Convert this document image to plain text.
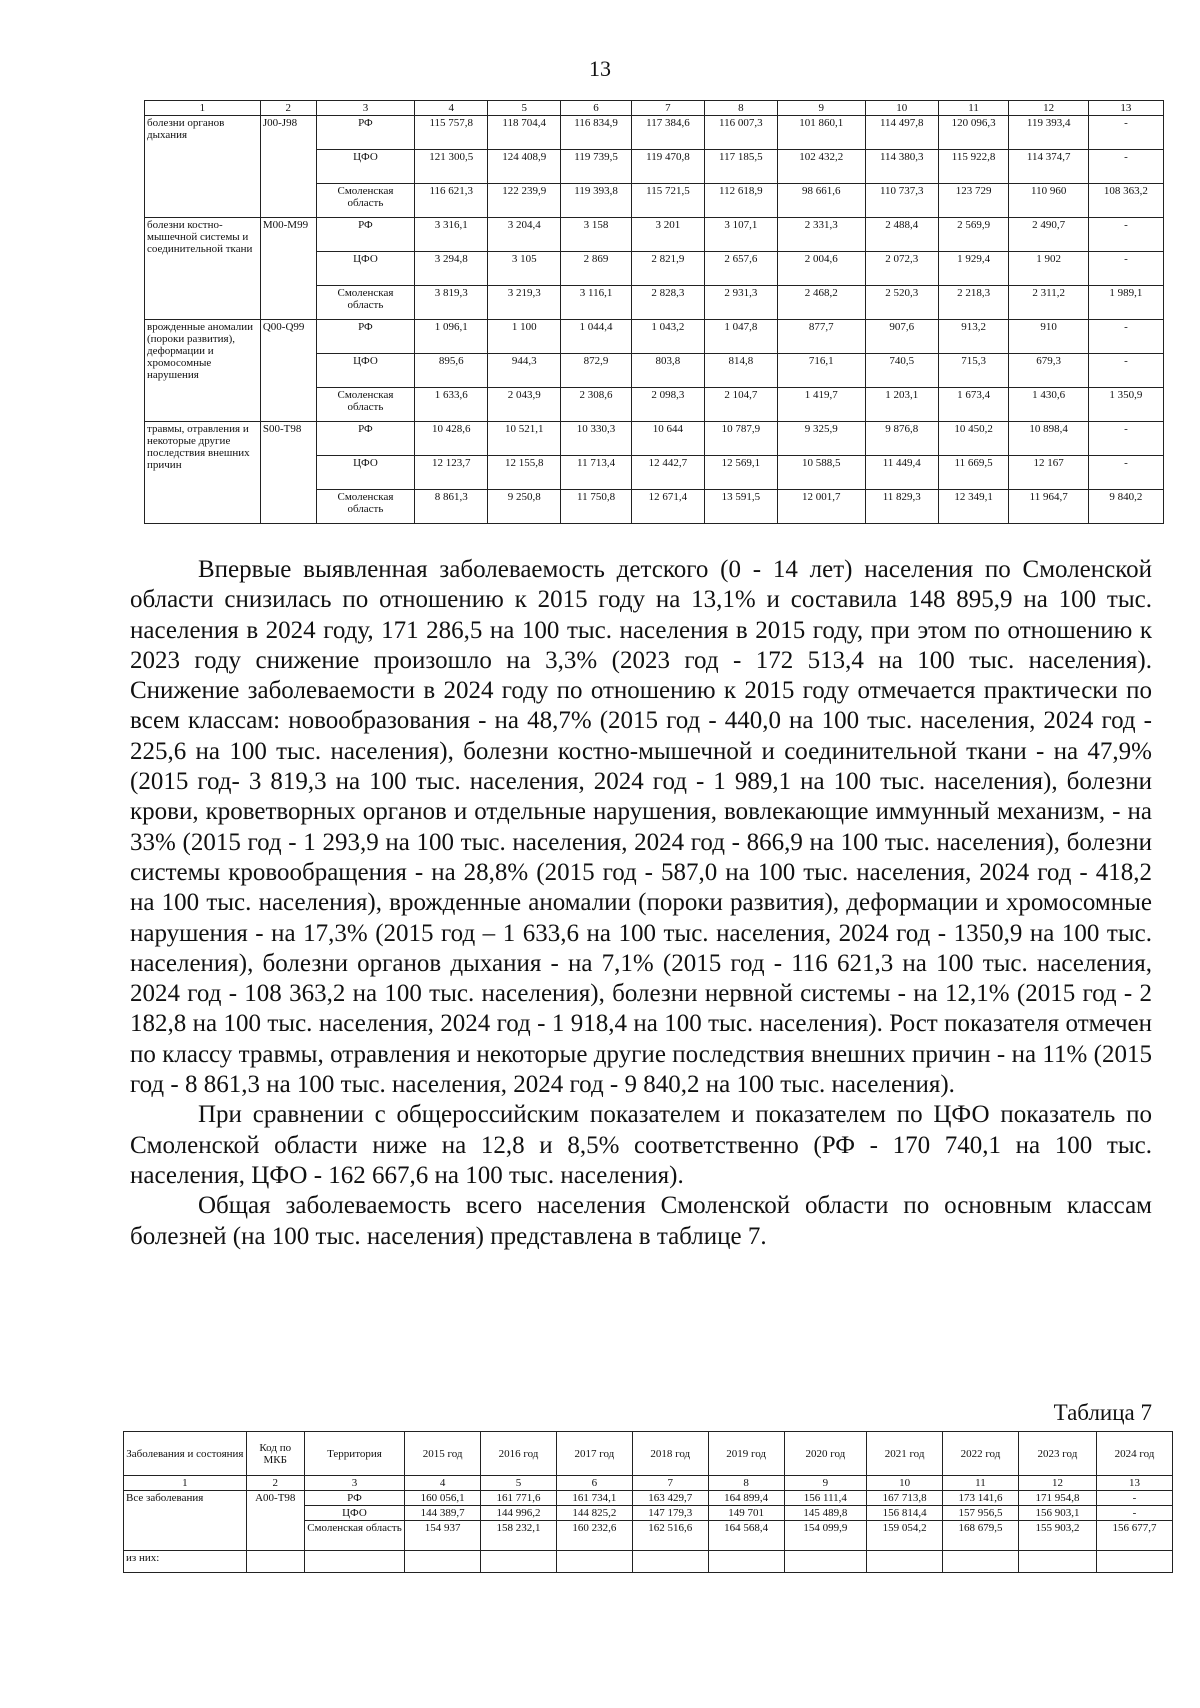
13
1	2	3	4	5	6	7	8	9	10	11	12	13
болезни органов дыхания	J00-J98	РФ	115 757,8	118 704,4	116 834,9	117 384,6	116 007,3	101 860,1	114 497,8	120 096,3	119 393,4	-
		ЦФО	121 300,5	124 408,9	119 739,5	119 470,8	117 185,5	102 432,2	114 380,3	115 922,8	114 374,7	-
		Смоленская область	116 621,3	122 239,9	119 393,8	115 721,5	112 618,9	98 661,6	110 737,3	123 729	110 960	108 363,2
болезни костно-мышечной системы и соединительной ткани	M00-M99	РФ	3 316,1	3 204,4	3 158	3 201	3 107,1	2 331,3	2 488,4	2 569,9	2 490,7	-
		ЦФО	3 294,8	3 105	2 869	2 821,9	2 657,6	2 004,6	2 072,3	1 929,4	1 902	-
		Смоленская область	3 819,3	3 219,3	3 116,1	2 828,3	2 931,3	2 468,2	2 520,3	2 218,3	2 311,2	1 989,1
врожденные аномалии (пороки развития), деформации и хромосомные нарушения	Q00-Q99	РФ	1 096,1	1 100	1 044,4	1 043,2	1 047,8	877,7	907,6	913,2	910	-
		ЦФО	895,6	944,3	872,9	803,8	814,8	716,1	740,5	715,3	679,3	-
		Смоленская область	1 633,6	2 043,9	2 308,6	2 098,3	2 104,7	1 419,7	1 203,1	1 673,4	1 430,6	1 350,9
травмы, отравления и некоторые другие последствия внешних причин	S00-T98	РФ	10 428,6	10 521,1	10 330,3	10 644	10 787,9	9 325,9	9 876,8	10 450,2	10 898,4	-
		ЦФО	12 123,7	12 155,8	11 713,4	12 442,7	12 569,1	10 588,5	11 449,4	11 669,5	12 167	-
		Смоленская область	8 861,3	9 250,8	11 750,8	12 671,4	13 591,5	12 001,7	11 829,3	12 349,1	11 964,7	9 840,2

Впервые выявленная заболеваемость детского (0 - 14 лет) населения по Смоленской области снизилась по отношению к 2015 году на 13,1% и составила 148 895,9 на 100 тыс. населения в 2024 году, 171 286,5 на 100 тыс. населения в 2015 году, при этом по отношению к 2023 году снижение произошло на 3,3% (2023 год - 172 513,4 на 100 тыс. населения). Снижение заболеваемости в 2024 году по отношению к 2015 году отмечается практически по всем классам: новообразования - на 48,7% (2015 год - 440,0 на 100 тыс. населения, 2024 год - 225,6 на 100 тыс. населения), болезни костно-мышечной и соединительной ткани - на 47,9% (2015 год- 3 819,3 на 100 тыс. населения, 2024 год - 1 989,1 на 100 тыс. населения), болезни крови, кроветворных органов и отдельные нарушения, вовлекающие иммунный механизм, - на 33% (2015 год - 1 293,9 на 100 тыс. населения, 2024 год - 866,9 на 100 тыс. населения), болезни системы кровообращения - на 28,8% (2015 год - 587,0 на 100 тыс. населения, 2024 год - 418,2 на 100 тыс. населения), врожденные аномалии (пороки развития), деформации и хромосомные нарушения - на 17,3% (2015 год – 1 633,6 на 100 тыс. населения, 2024 год - 1350,9 на 100 тыс. населения), болезни органов дыхания - на 7,1% (2015 год - 116 621,3 на 100 тыс. населения, 2024 год - 108 363,2 на 100 тыс. населения), болезни нервной системы - на 12,1% (2015 год - 2 182,8 на 100 тыс. населения, 2024 год - 1 918,4 на 100 тыс. населения). Рост показателя отмечен по классу травмы, отравления и некоторые другие последствия внешних причин - на 11% (2015 год - 8 861,3 на 100 тыс. населения, 2024 год - 9 840,2 на 100 тыс. населения).

При сравнении с общероссийским показателем и показателем по ЦФО показатель по Смоленской области ниже на 12,8 и 8,5% соответственно (РФ - 170 740,1 на 100 тыс. населения, ЦФО - 162 667,6 на 100 тыс. населения).

Общая заболеваемость всего населения Смоленской области по основным классам болезней (на 100 тыс. населения) представлена в таблице 7.

Таблица 7
Заболевания и состояния	Код по МКБ	Территория	2015 год	2016 год	2017 год	2018 год	2019 год	2020 год	2021 год	2022 год	2023 год	2024 год
1	2	3	4	5	6	7	8	9	10	11	12	13
Все заболевания	A00-T98	РФ	160 056,1	161 771,6	161 734,1	163 429,7	164 899,4	156 111,4	167 713,8	173 141,6	171 954,8	-
		ЦФО	144 389,7	144 996,2	144 825,2	147 179,3	149 701	145 489,8	156 814,4	157 956,5	156 903,1	-
		Смоленская область	154 937	158 232,1	160 232,6	162 516,6	164 568,4	154 099,9	159 054,2	168 679,5	155 903,2	156 677,7
из них:												
